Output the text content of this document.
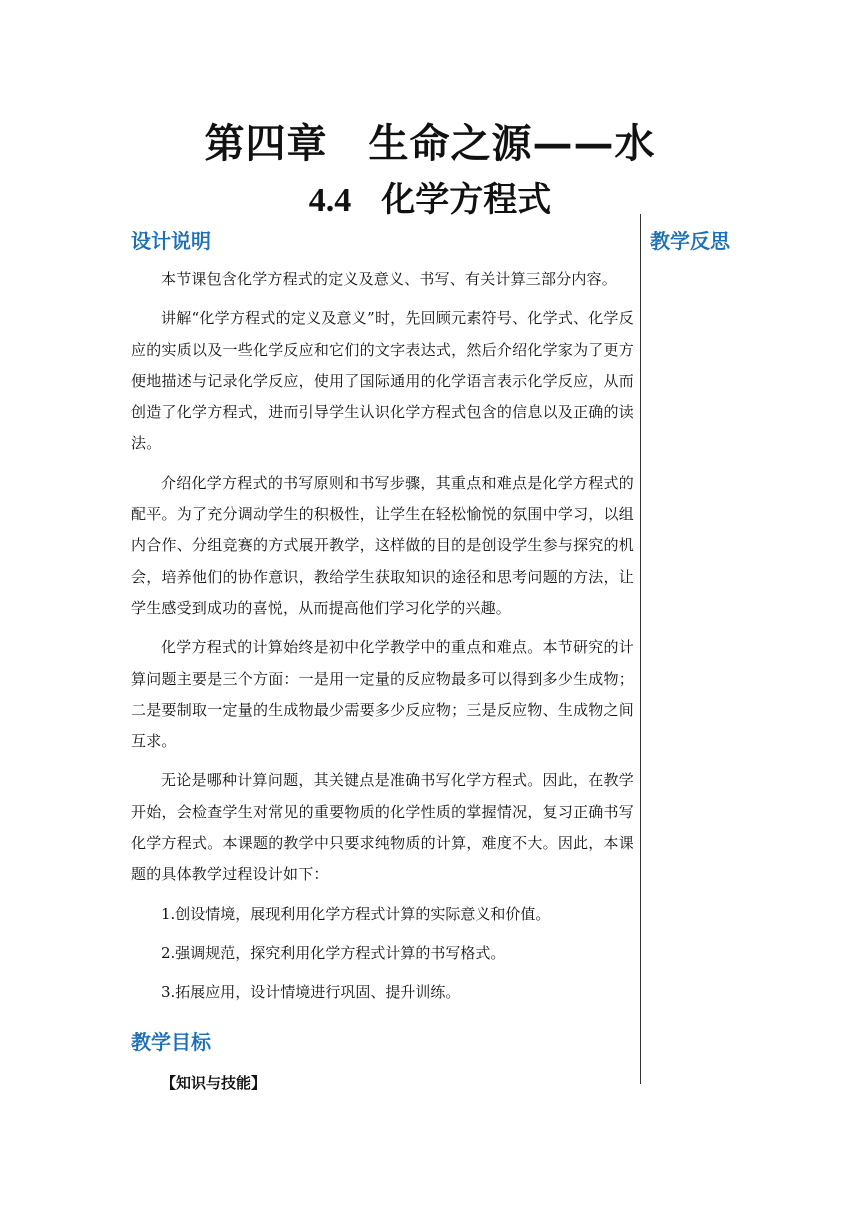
第四章　生命之源——水
4.4 化学方程式
设计说明

本节课包含化学方程式的定义及意义、书写、有关计算三部分内容。

讲解“化学方程式的定义及意义”时，先回顾元素符号、化学式、化学反应的实质以及一些化学反应和它们的文字表达式，然后介绍化学家为了更方便地描述与记录化学反应，使用了国际通用的化学语言表示化学反应，从而创造了化学方程式，进而引导学生认识化学方程式包含的信息以及正确的读法。

介绍化学方程式的书写原则和书写步骤，其重点和难点是化学方程式的配平。为了充分调动学生的积极性，让学生在轻松愉悦的氛围中学习，以组内合作、分组竞赛的方式展开教学，这样做的目的是创设学生参与探究的机会，培养他们的协作意识，教给学生获取知识的途径和思考问题的方法，让学生感受到成功的喜悦，从而提高他们学习化学的兴趣。

化学方程式的计算始终是初中化学教学中的重点和难点。本节研究的计算问题主要是三个方面：一是用一定量的反应物最多可以得到多少生成物；二是要制取一定量的生成物最少需要多少反应物；三是反应物、生成物之间互求。

无论是哪种计算问题，其关键点是准确书写化学方程式。因此，在教学开始，会检查学生对常见的重要物质的化学性质的掌握情况，复习正确书写化学方程式。本课题的教学中只要求纯物质的计算，难度不大。因此，本课题的具体教学过程设计如下：

1.创设情境，展现利用化学方程式计算的实际意义和价值。

2.强调规范，探究利用化学方程式计算的书写格式。

3.拓展应用，设计情境进行巩固、提升训练。

教学目标

【知识与技能】

教学反思
